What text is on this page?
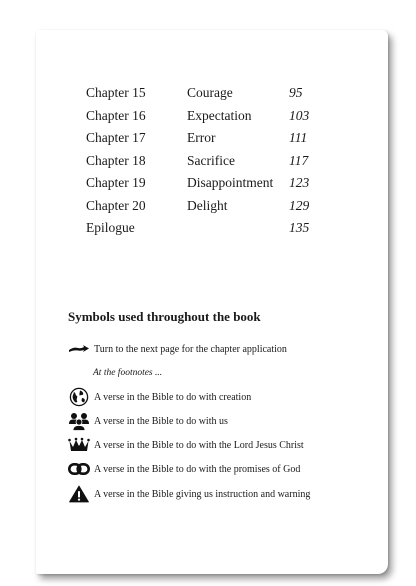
Chapter 15	Courage	95
Chapter 16	Expectation	103
Chapter 17	Error	111
Chapter 18	Sacrifice	117
Chapter 19	Disappointment 123
Chapter 20	Delight	129
Epilogue	135
Symbols used throughout the book
Turn to the next page for the chapter application
At the footnotes ...
A verse in the Bible to do with creation
A verse in the Bible to do with us
A verse in the Bible to do with the Lord Jesus Christ
A verse in the Bible to do with the promises of God
A verse in the Bible giving us instruction and warning
